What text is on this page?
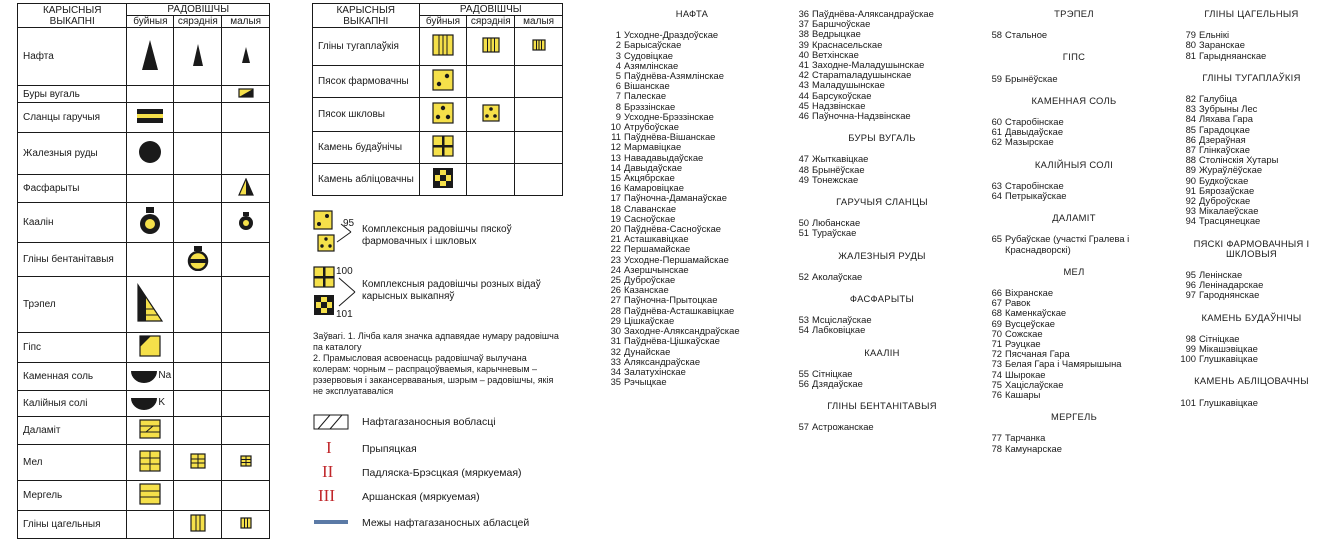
КАРЫСНЫЯ ВЫКАПНІ	РАДОВІШЧЫ		
	буйныя	сярэднія	малыя
Нафта			
Буры вугаль			
Сланцы гаручыя			
Жалезныя руды			
Фасфарыты			
Каалін			
Гліны бентанітавыя			
Трэпел			
Гіпс			
Каменная соль	Na		
Калійныя солі	K		
Даламіт			
Мел			
Мергель			
Гліны цагельныя			
КАРЫСНЫЯ ВЫКАПНІ	РАДОВІШЧЫ		
	буйныя	сярэднія	малыя
Гліны тугаплаўкія			
Пясок фармовачны			
Пясок шкловы			
Камень будаўнічы			
Камень абліцовачны			
95
Комплексныя радовішчы пяскоў фармовачных і шкловых
100
101
Комплексныя радовішчы розных відаў карысных выкапняў
Заўвагі. 1. Лічба каля значка адпавядае нумару радовішча па каталогу
2. Прамысловая асвоенасць радовішчаў вылучана колерам: чорным – распрацоўваемыя, карычневым – рэзервовыя і закансерваваныя, шэрым – радовішчы, якія не эксплуатаваліся
Нафтагазаносныя вобласці
I	Прыпяцкая
II	Падляска-Брэсцкая (мяркуемая)
III	Аршанская (мяркуемая)
Межы нафтагазаносных абласцей
НАФТА
1 Усходне-Драздоўскае
2 Барысаўскае
3 Судовіцкае
4 Азямлінскае
5 Паўднёва-Азямлінскае
6 Вішанскае
7 Палескае
8 Брэззінскае
9 Усходне-Брэззінскае
10 Атрубоўскае
11 Паўднёва-Вішанскае
12 Мармавіцкае
13 Навадавыдаўскае
14 Давыдаўскае
15 Акцябрскае
16 Камаровіцкае
17 Паўночна-Даманаўскае
18 Славанскае
19 Сасноўскае
20 Паўднёва-Сасноўскае
21 Асташкавіцкае
22 Першамайскае
23 Усходне-Першамайскае
24 Азершчынскае
25 Дуброўскае
26 Казанскае
27 Паўночна-Прытоцкае
28 Паўднёва-Асташкавіцкае
29 Цішкаўскае
30 Заходне-Аляксандраўскае
31 Паўднёва-Цішкаўскае
32 Дунайскае
33 Аляксандраўскае
34 Залатухінскае
35 Рэчыцкае
36 Паўднёва-Аляксандраўскае
37 Баршчоўскае
38 Ведрыцкае
39 Краснасельскае
40 Ветхінскае
41 Заходне-Маладушынскае
42 Стараmаладушынскае
43 Маладушынскае
44 Барсукоўскае
45 Надзвінскае
46 Паўночна-Надзвінскае
БУРЫ ВУГАЛЬ
47 Жыткавіцкае
48 Брынёўскае
49 Тонежскае
ГАРУЧЫЯ СЛАНЦЫ
50 Любанскае
51 Тураўскае
ЖАЛЕЗНЫЯ РУДЫ
52 Аколаўскае
ФАСФАРЫТЫ
53 Мсціслаўскае
54 Лабковіцкае
КААЛІН
55 Сітніцкае
56 Дзядаўскае
ГЛІНЫ БЕНТАНІТАВЫЯ
57 Астрожанскае
ТРЭПЕЛ
58 Стальное
ГІПС
59 Брынёўскае
КАМЕННАЯ СОЛЬ
60 Старобінскае
61 Давыдаўскае
62 Мазырскае
КАЛІЙНЫЯ СОЛІ
63 Старобінскае
64 Петрыкаўскае
ДАЛАМІТ
65 Рубаўскае (участкі Гралева і Краснадворскі)
МЕЛ
66 Віхранскае
67 Равок
68 Каменкаўскае
69 Вусцеўскае
70 Сожскае
71 Рэуцкае
72 Пясчаная Гара
73 Белая Гара і Чамярышына
74 Шырокае
75 Хаціслаўскае
76 Кашары
МЕРГЕЛЬ
77 Тарчанка
78 Камунарскае
ГЛІНЫ ЦАГЕЛЬНЫЯ
79 Ельнікі
80 Заранскае
81 Гарыдняанскае
ГЛІНЫ ТУГАПЛАЎКІЯ
82 Галубіца
83 Зубрыны Лес
84 Ляхава Гара
85 Гарадоцкае
86 Дзераўная
87 Глінкаўскае
88 Столінскія Хутары
89 Жураўлёўскае
90 Будкоўскае
91 Бярозаўскае
92 Дуброўскае
93 Мікалаеўскае
94 Трасцянецкае
ПЯСКІ ФАРМОВАЧНЫЯ І ШКЛОВЫЯ
95 Ленінскае
96 Ленінадарскае
97 Гароднянскае
КАМЕНЬ БУДАЎНІЧЫ
98 Сітніцкае
99 Мікашэвіцкае
100 Глушкавіцкае
КАМЕНЬ АБЛІЦОВАЧНЫ
101 Глушкавіцкае
